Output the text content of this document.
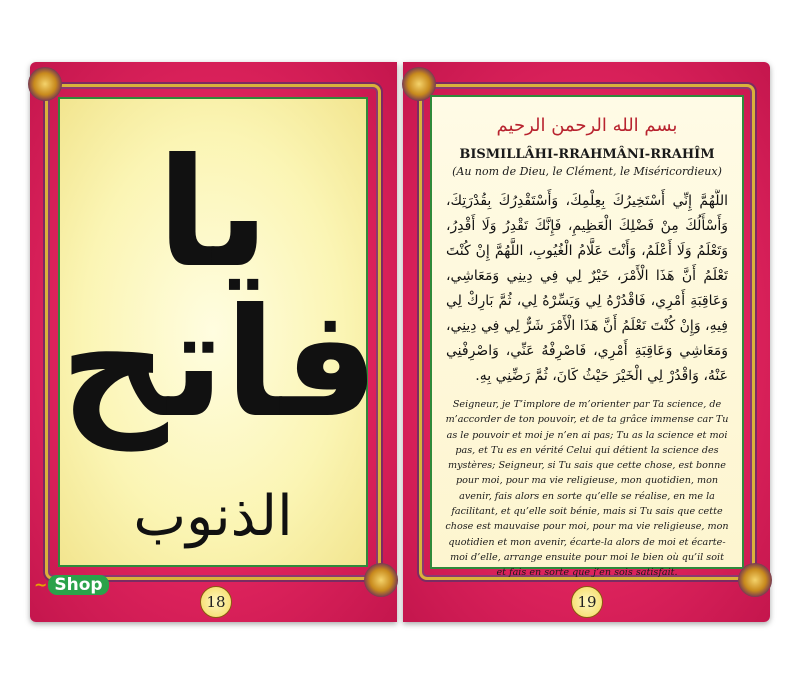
يا فاتح
الذنوب
18
بسم الله الرحمن الرحيم
BISMILLÂHI-RRAHMÂNI-RRAHÎM
(Au nom de Dieu, le Clément, le Miséricordieux)
اللَّهُمَّ إِنِّي أَسْتَخِيرُكَ بِعِلْمِكَ، وَأَسْتَقْدِرُكَ بِقُدْرَتِكَ، وَأَسْأَلُكَ مِنْ فَضْلِكَ الْعَظِيمِ، فَإِنَّكَ تَقْدِرُ وَلَا أَقْدِرُ، وَتَعْلَمُ وَلَا أَعْلَمُ، وَأَنْتَ عَلَّامُ الْغُيُوبِ، اللَّهُمَّ إِنْ كُنْتَ تَعْلَمُ أَنَّ هَذَا الْأَمْرَ، خَيْرٌ لِي فِي دِينِي وَمَعَاشِي، وَعَاقِبَةِ أَمْرِي، فَاقْدُرْهُ لِي وَيَسِّرْهُ لِي، ثُمَّ بَارِكْ لِي فِيهِ، وَإِنْ كُنْتَ تَعْلَمُ أَنَّ هَذَا الْأَمْرَ شَرٌّ لِي فِي دِينِي، وَمَعَاشِي وَعَاقِبَةِ أَمْرِي، فَاصْرِفْهُ عَنِّي، وَاصْرِفْنِي عَنْهُ، وَاقْدُرْ لِي الْخَيْرَ حَيْثُ كَانَ، ثُمَّ رَضِّنِي بِهِ.
Seigneur, je T’implore de m’orienter par Ta science, de m’accorder de ton pouvoir, et de ta grâce immense car Tu as le pouvoir et moi je n’en ai pas; Tu as la science et moi pas, et Tu es en vérité Celui qui détient la science des mystères; Seigneur, si Tu sais que cette chose, est bonne pour moi, pour ma vie religieuse, mon quotidien, mon avenir, fais alors en sorte qu’elle se réalise, en me la facilitant, et qu’elle soit bénie, mais si Tu sais que cette chose est mauvaise pour moi, pour ma vie religieuse, mon quotidien et mon avenir, écarte-la alors de moi et écarte-moi d’elle, arrange ensuite pour moi le bien où qu’il soit et fais en sorte que j’en sois satisfait.
19
~ Shop
